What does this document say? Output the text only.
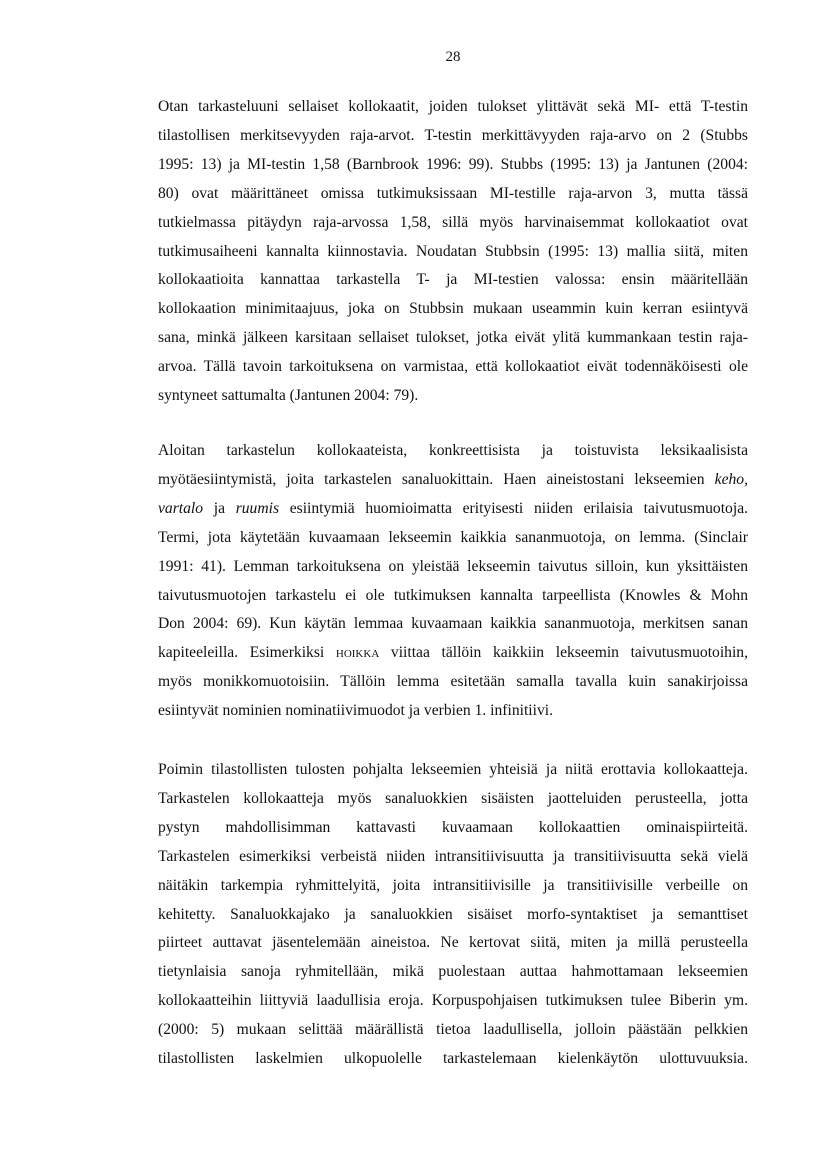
28

Otan tarkasteluuni sellaiset kollokaatit, joiden tulokset ylittävät sekä MI- että T-testin
tilastollisen merkitsevyyden raja-arvot. T-testin merkittävyyden raja-arvo on 2 (Stubbs
1995: 13) ja MI-testin 1,58 (Barnbrook 1996: 99). Stubbs (1995: 13) ja Jantunen (2004:
80) ovat määrittäneet omissa tutkimuksissaan MI-testille raja-arvon 3, mutta tässä
tutkielmassa pitäydyn raja-arvossa 1,58, sillä myös harvinaisemmat kollokaatiot ovat
tutkimusaiheeni kannalta kiinnostavia. Noudatan Stubbsin (1995: 13) mallia siitä, miten
kollokaatioita kannattaa tarkastella T- ja MI-testien valossa: ensin määritellään
kollokaation minimitaajuus, joka on Stubbsin mukaan useammin kuin kerran esiintyvä
sana, minkä jälkeen karsitaan sellaiset tulokset, jotka eivät ylitä kummankaan testin raja-
arvoa. Tällä tavoin tarkoituksena on varmistaa, että kollokaatiot eivät todennäköisesti ole
syntyneet sattumalta (Jantunen 2004: 79).

Aloitan tarkastelun kollokaateista, konkreettisista ja toistuvista leksikaalisista
myötäesiintymistä, joita tarkastelen sanaluokittain. Haen aineistostani lekseemien keho,
vartalo ja ruumis esiintymiä huomioimatta erityisesti niiden erilaisia taivutusmuotoja.
Termi, jota käytetään kuvaamaan lekseemin kaikkia sananmuotoja, on lemma. (Sinclair
1991: 41). Lemman tarkoituksena on yleistää lekseemin taivutus silloin, kun yksittäisten
taivutusmuotojen tarkastelu ei ole tutkimuksen kannalta tarpeellista (Knowles & Mohn
Don 2004: 69). Kun käytän lemmaa kuvaamaan kaikkia sananmuotoja, merkitsen sanan
kapiteeleilla. Esimerkiksi hoikka viittaa tällöin kaikkiin lekseemin taivutusmuotoihin,
myös monikkomuotoisiin. Tällöin lemma esitetään samalla tavalla kuin sanakirjoissa
esiintyvät nominien nominatiivimuodot ja verbien 1. infinitiivi.

Poimin tilastollisten tulosten pohjalta lekseemien yhteisiä ja niitä erottavia kollokaatteja.
Tarkastelen kollokaatteja myös sanaluokkien sisäisten jaotteluiden perusteella, jotta
pystyn mahdollisimman kattavasti kuvaamaan kollokaattien ominaispiirteitä.
Tarkastelen esimerkiksi verbeistä niiden intransitiivisuutta ja transitiivisuutta sekä vielä
näitäkin tarkempia ryhmittelyitä, joita intransitiivisille ja transitiivisille verbeille on
kehitetty. Sanaluokkajako ja sanaluokkien sisäiset morfo-syntaktiset ja semanttiset
piirteet auttavat jäsentelemään aineistoa. Ne kertovat siitä, miten ja millä perusteella
tietynlaisia sanoja ryhmitellään, mikä puolestaan auttaa hahmottamaan lekseemien
kollokaatteihin liittyviä laadullisia eroja. Korpuspohjaisen tutkimuksen tulee Biberin ym.
(2000: 5) mukaan selittää määrällistä tietoa laadullisella, jolloin päästään pelkkien
tilastollisten laskelmien ulkopuolelle tarkastelemaan kielenkäytön ulottuvuuksia.
